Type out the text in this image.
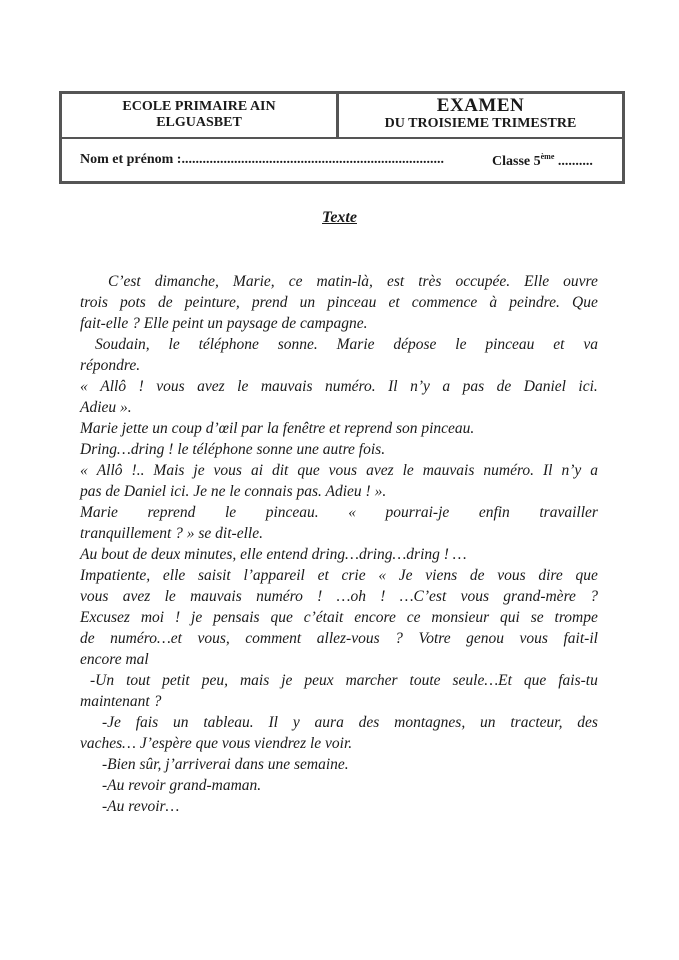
ECOLE PRIMAIRE AIN
ELGUASBET
EXAMEN
DU TROISIEME TRIMESTRE
Nom et prénom :...........................................................................	Classe 5ème ..........
Texte
C’est dimanche, Marie, ce matin-là, est très occupée. Elle ouvre
trois pots de peinture, prend un pinceau et commence à peindre. Que
fait-elle ? Elle peint un paysage de campagne.
Soudain, le téléphone sonne. Marie dépose le pinceau et va
répondre.
« Allô ! vous avez le mauvais numéro. Il n’y a pas de Daniel ici.
Adieu ».
Marie jette un coup d’œil par la fenêtre et reprend son pinceau.
Dring…dring ! le téléphone sonne une autre fois.
« Allô !.. Mais je vous ai dit que vous avez le mauvais numéro. Il n’y a
pas de Daniel ici. Je ne le connais pas. Adieu ! ».
Marie reprend le pinceau. « pourrai-je enfin travailler
tranquillement ? » se dit-elle.
Au bout de deux minutes, elle entend dring…dring…dring ! …
Impatiente, elle saisit l’appareil et crie « Je viens de vous dire que
vous avez le mauvais numéro ! …oh ! …C’est vous grand-mère ?
Excusez moi ! je pensais que c’était encore ce monsieur qui se trompe
de numéro…et vous, comment allez-vous ? Votre genou vous fait-il
encore mal
-Un tout petit peu, mais je peux marcher toute seule…Et que fais-tu
maintenant ?
-Je fais un tableau. Il y aura des montagnes, un tracteur, des
vaches… J’espère que vous viendrez le voir.
-Bien sûr, j’arriverai dans une semaine.
-Au revoir grand-maman.
-Au revoir…
